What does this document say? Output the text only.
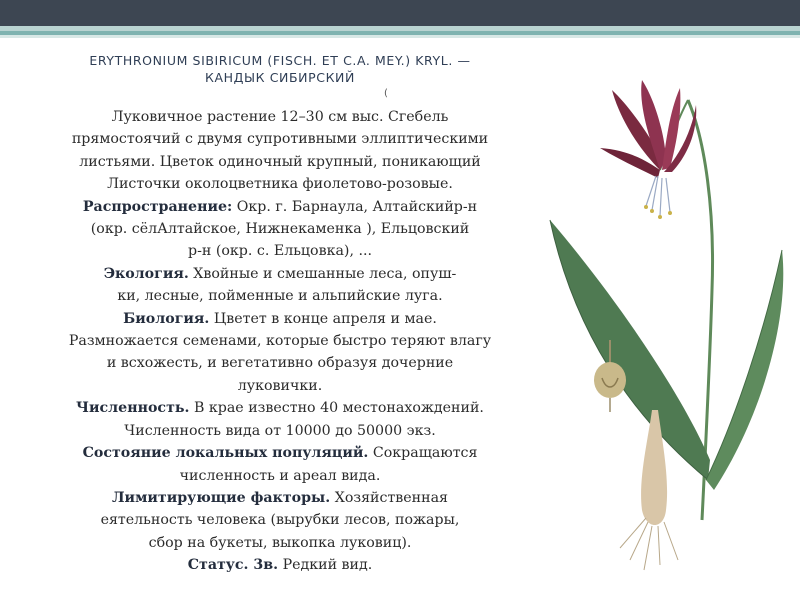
ERYTHRONIUM SIBIRICUM (FISCH. ET C.A. MEY.) KRYL. —
КАНДЫК СИБИРСКИЙ
(
Луковичное растение 12–30 см выс. Сгебель
прямостоячий с двумя супротивными эллиптическими
листьями. Цветок одиночный крупный, поникающий
Листочки околоцветника фиолетово-розовые.
Распространение: Окр. г. Барнаула, Алтайскийр-н
(окр. сёлАлтайское, Нижнекаменка ), Ельцовский
р-н (окр. с. Ельцовка), ...
Экология. Хвойные и смешанные леса, опуш-
ки, лесные, пойменные и альпийские луга.
Биология. Цветет в конце апреля и мае.
Размножается семенами, которые быстро теряют влагу
и всхожесть, и вегетативно образуя дочерние
луковички.
Численность. В крае известно 40 местонахождений.
Численность вида от 10000 до 50000 экз.
Состояние локальных популяций. Сокращаются
численность и ареал вида.
Лимитирующие факторы. Хозяйственная
еятельность человека (вырубки лесов, пожары,
сбор на букеты, выкопка луковиц).
Статус. 3в. Редкий вид.
